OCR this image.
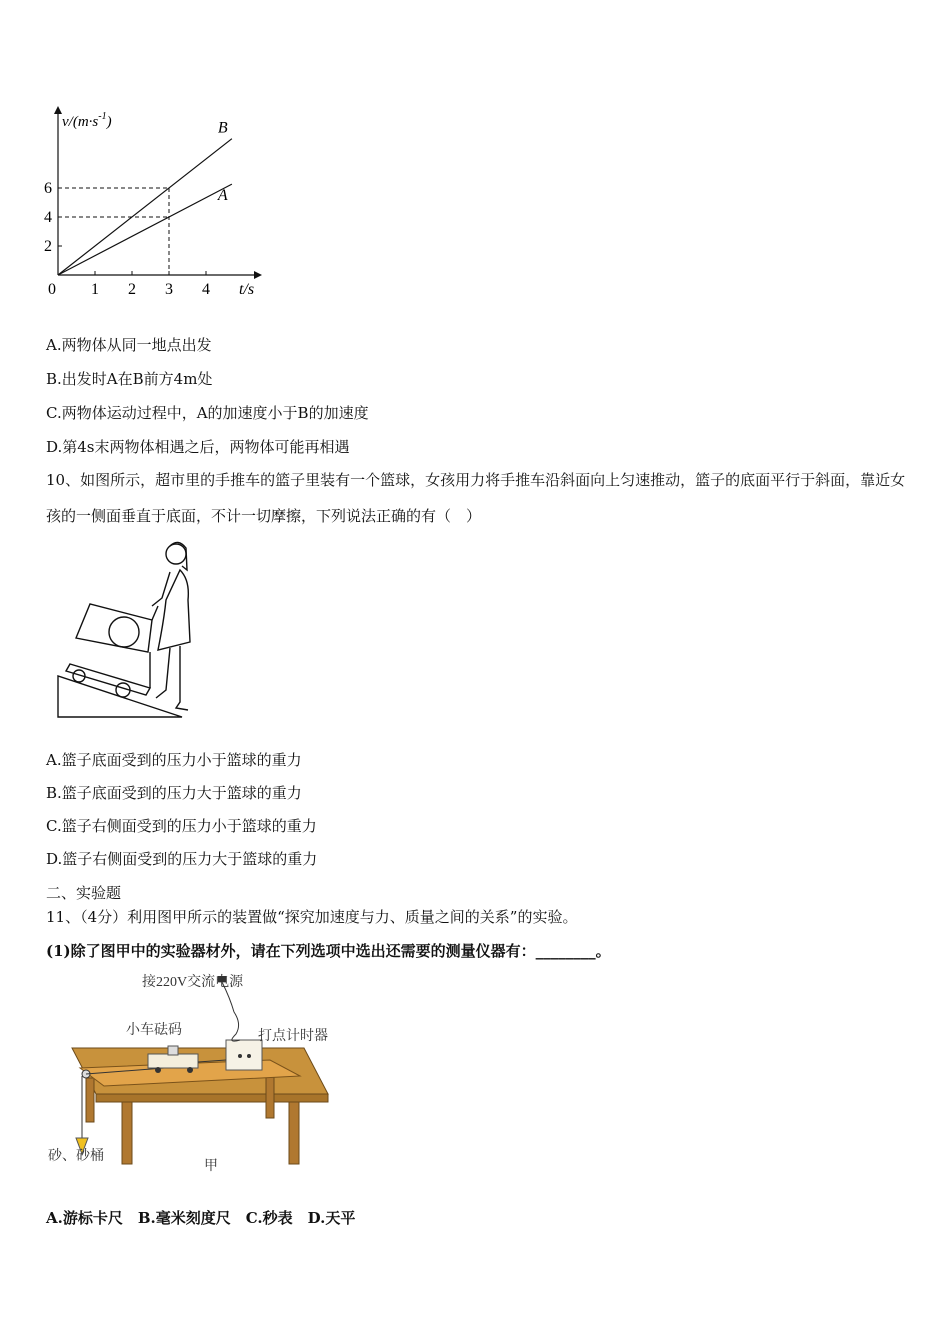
1 2 3 4
2
4
6
B
A
$v/(m\cdot s^{-1})$
t/s
0
A.两物体从同一地点出发
B.出发时A在B前方4m处
C.两物体运动过程中，A的加速度小于B的加速度
D.第4s末两物体相遇之后，两物体可能再相遇
10、如图所示，超市里的手推车的篮子里装有一个篮球，女孩用力将手推车沿斜面向上匀速推动，篮子的底面平行于斜面，靠近女孩的一侧面垂直于底面，不计一切摩擦，下列说法正确的有（　）
A.篮子底面受到的压力小于篮球的重力
B.篮子底面受到的压力大于篮球的重力
C.篮子右侧面受到的压力小于篮球的重力
D.篮子右侧面受到的压力大于篮球的重力
二、实验题
11、（4分）利用图甲所示的装置做“探究加速度与力、质量之间的关系”的实验。
(1)除了图甲中的实验器材外，请在下列选项中选出还需要的测量仪器有：________。
接220V交流电源
小车砝码	打点计时器
砂、砂桶
甲
A.游标卡尺　B.毫米刻度尺　C.秒表　D.天平
